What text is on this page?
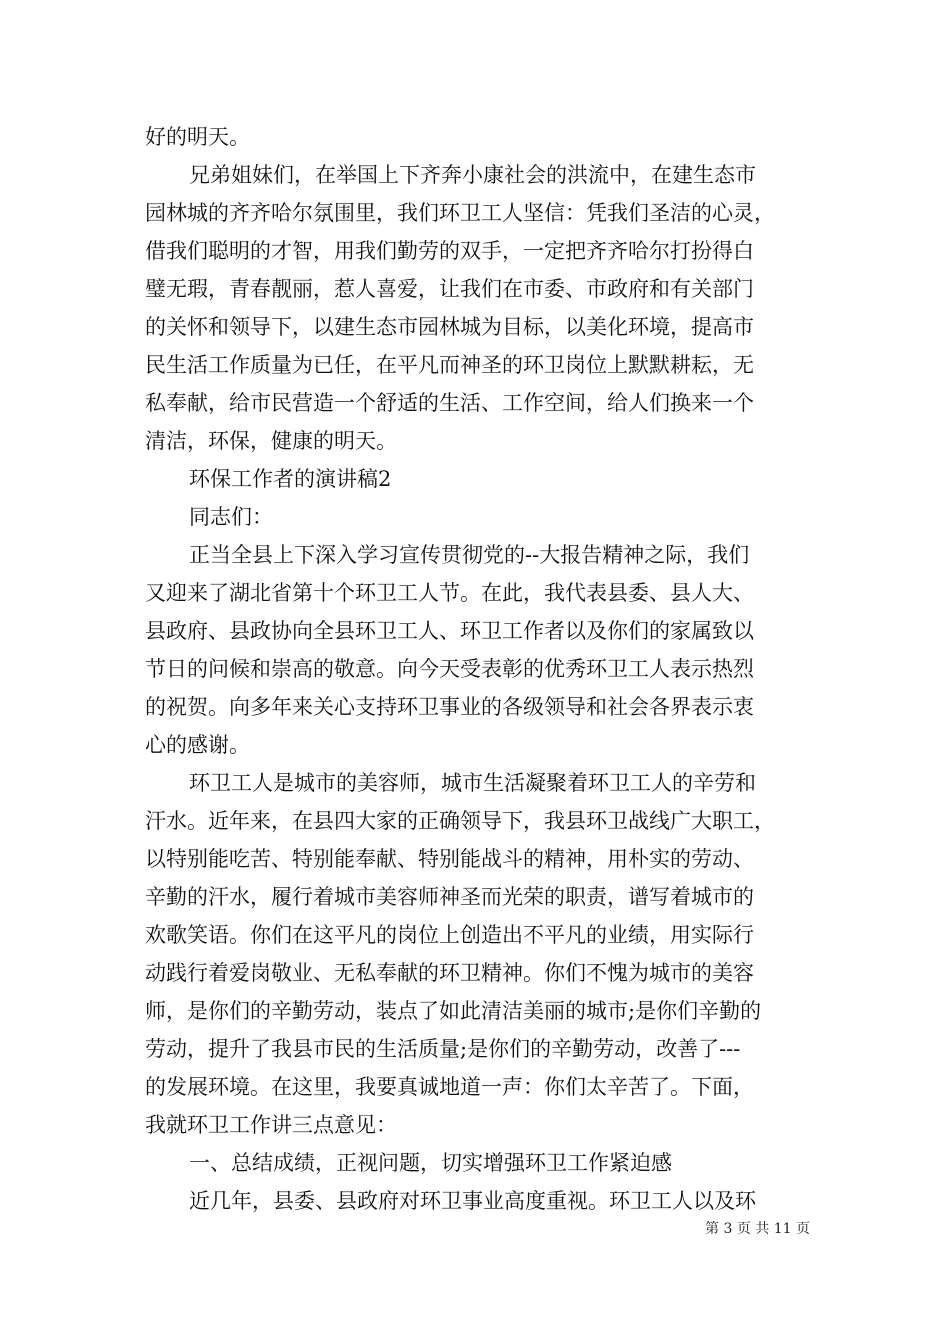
好的明天。
兄弟姐妹们，在举国上下齐奔小康社会的洪流中，在建生态市
园林城的齐齐哈尔氛围里，我们环卫工人坚信：凭我们圣洁的心灵，
借我们聪明的才智，用我们勤劳的双手，一定把齐齐哈尔打扮得白
璧无瑕，青春靓丽，惹人喜爱，让我们在市委、市政府和有关部门
的关怀和领导下，以建生态市园林城为目标，以美化环境，提高市
民生活工作质量为已任，在平凡而神圣的环卫岗位上默默耕耘，无
私奉献，给市民营造一个舒适的生活、工作空间，给人们换来一个
清洁，环保，健康的明天。
环保工作者的演讲稿2
同志们：
正当全县上下深入学习宣传贯彻党的--大报告精神之际，我们
又迎来了湖北省第十个环卫工人节。在此，我代表县委、县人大、
县政府、县政协向全县环卫工人、环卫工作者以及你们的家属致以
节日的问候和崇高的敬意。向今天受表彰的优秀环卫工人表示热烈
的祝贺。向多年来关心支持环卫事业的各级领导和社会各界表示衷
心的感谢。
环卫工人是城市的美容师，城市生活凝聚着环卫工人的辛劳和
汗水。近年来，在县四大家的正确领导下，我县环卫战线广大职工，
以特别能吃苦、特别能奉献、特别能战斗的精神，用朴实的劳动、
辛勤的汗水，履行着城市美容师神圣而光荣的职责，谱写着城市的
欢歌笑语。你们在这平凡的岗位上创造出不平凡的业绩，用实际行
动践行着爱岗敬业、无私奉献的环卫精神。你们不愧为城市的美容
师，是你们的辛勤劳动，装点了如此清洁美丽的城市;是你们辛勤的
劳动，提升了我县市民的生活质量;是你们的辛勤劳动，改善了---
的发展环境。在这里，我要真诚地道一声：你们太辛苦了。下面，
我就环卫工作讲三点意见：
一、总结成绩，正视问题，切实增强环卫工作紧迫感
近几年，县委、县政府对环卫事业高度重视。环卫工人以及环
第 3 页 共 11 页
